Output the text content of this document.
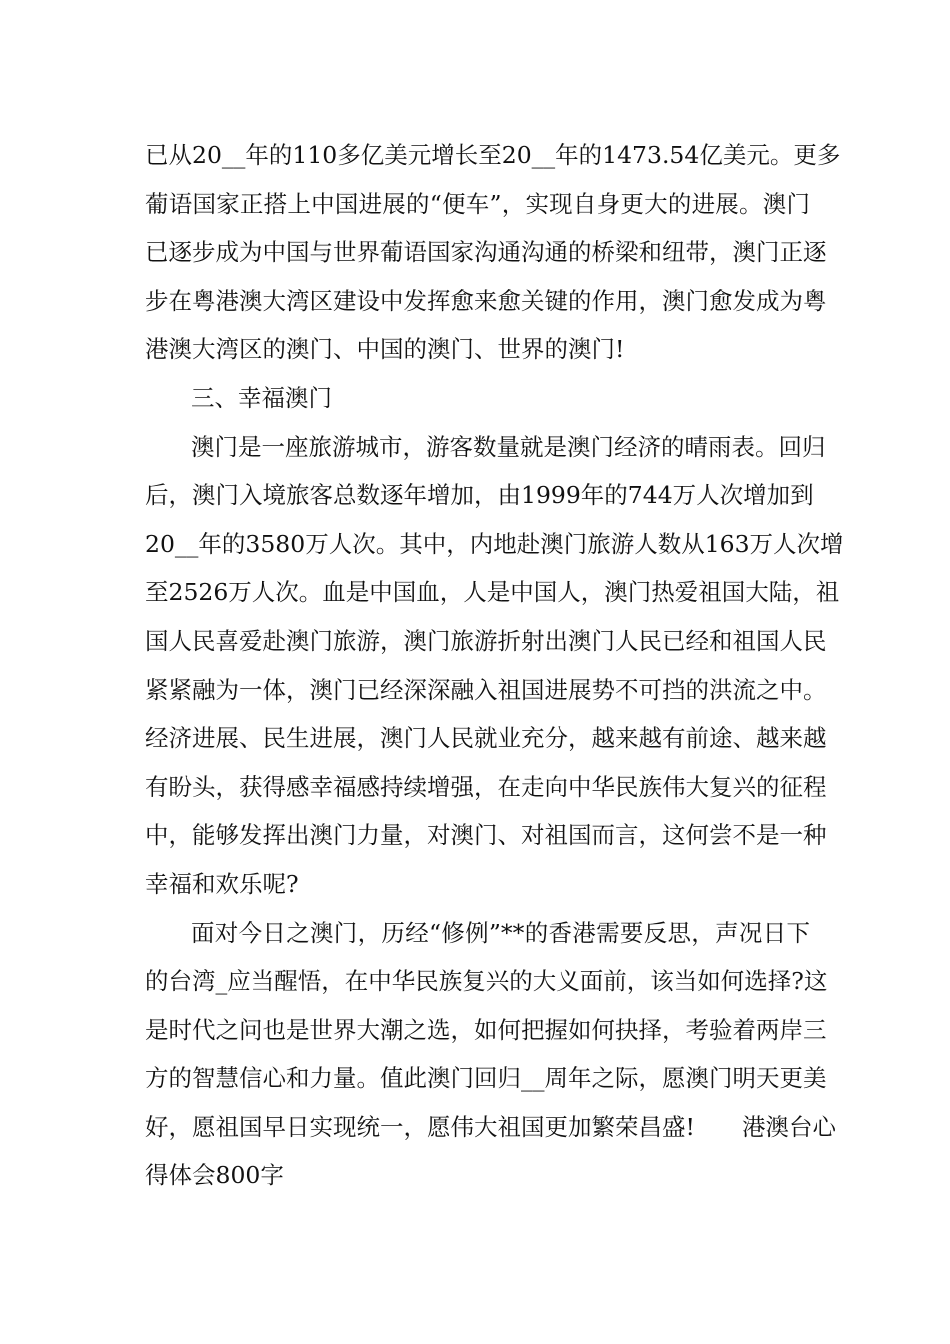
已从20__年的110多亿美元增长至20__年的1473.54亿美元。更多
葡语国家正搭上中国进展的“便车”，实现自身更大的进展。澳门
已逐步成为中国与世界葡语国家沟通沟通的桥梁和纽带，澳门正逐
步在粤港澳大湾区建设中发挥愈来愈关键的作用，澳门愈发成为粤
港澳大湾区的澳门、中国的澳门、世界的澳门!
三、幸福澳门
澳门是一座旅游城市，游客数量就是澳门经济的晴雨表。回归
后，澳门入境旅客总数逐年增加，由1999年的744万人次增加到
20__年的3580万人次。其中，内地赴澳门旅游人数从163万人次增
至2526万人次。血是中国血，人是中国人，澳门热爱祖国大陆，祖
国人民喜爱赴澳门旅游，澳门旅游折射出澳门人民已经和祖国人民
紧紧融为一体，澳门已经深深融入祖国进展势不可挡的洪流之中。
经济进展、民生进展，澳门人民就业充分，越来越有前途、越来越
有盼头，获得感幸福感持续增强，在走向中华民族伟大复兴的征程
中，能够发挥出澳门力量，对澳门、对祖国而言，这何尝不是一种
幸福和欢乐呢?
面对今日之澳门，历经“修例”**的香港需要反思，声况日下
的台湾_应当醒悟，在中华民族复兴的大义面前，该当如何选择?这
是时代之问也是世界大潮之选，如何把握如何抉择，考验着两岸三
方的智慧信心和力量。值此澳门回归__周年之际，愿澳门明天更美
好，愿祖国早日实现统一，愿伟大祖国更加繁荣昌盛!　　港澳台心
得体会800字
